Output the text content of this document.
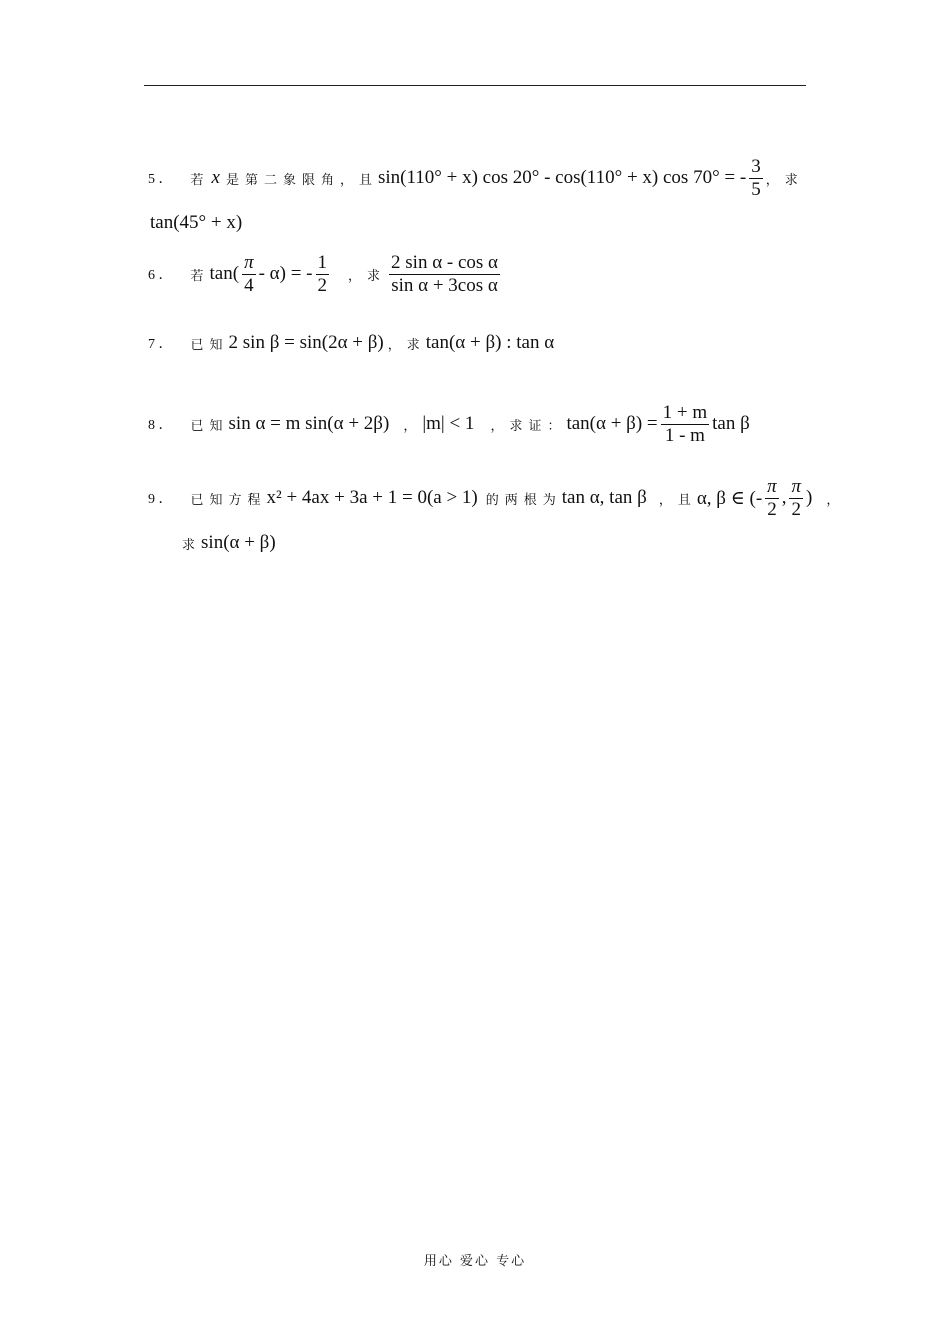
5 ． 若 x 是第二象限角，且 sin(110° + x) cos 20° - cos(110° + x) cos 70° = - $\frac{3}{5}$ ，求
tan(45° + x)
6 ． 若 $\tan( \frac{\pi}{4} - \alpha)$ = - $\frac{1}{2}$ ，求 $\frac{\text{2 sin α - cos α}}{\text{sin α + 3cos α}}$
7 ． 已知 2 sin β = sin(2α + β) ，求 tan(α + β) : tan α
8 ． 已知 sin α = m sin(α + 2β) ， |m| < 1 ，求证： $\tan(\alpha + \beta) = \frac{1 + m}{1 - m}$ tan β
9 ． 已知方程 x² + 4ax + 3a + 1 = 0(a > 1) 的两根为 tan α, tan β ，且 α, β ∈ (- $\frac{\pi}{2}$ , $\frac{\pi}{2}$ ) ，
求 sin(α + β)
用心 爱心 专心
